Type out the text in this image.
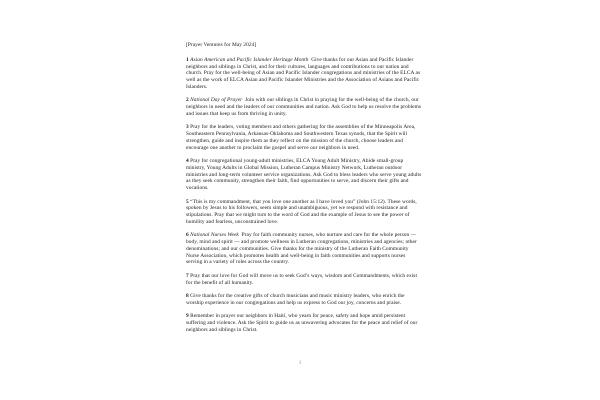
[Prayer Ventures for May 2024]

1 Asian American and Pacific Islander Heritage Month Give thanks for our Asian and Pacific Islander neighbors and siblings in Christ, and for their cultures, languages and contributions to our nation and church. Pray for the well-being of Asian and Pacific Islander congregations and ministries of the ELCA as well as the work of ELCA Asian and Pacific Islander Ministries and the Association of Asians and Pacific Islanders.

2 National Day of Prayer Join with our siblings in Christ in praying for the well-being of the church, our neighbors in need and the leaders of our communities and nation. Ask God to help us resolve the problems and issues that keep us from thriving in unity.

3 Pray for the leaders, voting members and others gathering for the assemblies of the Minneapolis Area, Southeastern Pennsylvania, Arkansas-Oklahoma and Southwestern Texas synods, that the Spirit will strengthen, guide and inspire them as they reflect on the mission of the church, choose leaders and encourage one another to proclaim the gospel and serve our neighbors in need.

4 Pray for congregational young-adult ministries, ELCA Young Adult Ministry, Abide small-group ministry, Young Adults in Global Mission, Lutheran Campus Ministry Network, Lutheran outdoor ministries and long-term volunteer service organizations. Ask God to bless leaders who serve young adults as they seek community, strengthen their faith, find opportunities to serve, and discern their gifts and vocations.

5 “This is my commandment, that you love one another as I have loved you” (John 15:12). These words, spoken by Jesus to his followers, seem simple and unambiguous, yet we respond with resistance and stipulations. Pray that we might turn to the word of God and the example of Jesus to see the power of humility and fearless, unconstrained love.

6 National Nurses Week Pray for faith community nurses, who nurture and care for the whole person — body, mind and spirit — and promote wellness in Lutheran congregations, ministries and agencies; other denominations; and our communities. Give thanks for the ministry of the Lutheran Faith Community Nurse Association, which promotes health and well-being in faith communities and supports nurses serving in a variety of roles across the country.

7 Pray that our love for God will move us to seek God’s ways, wisdom and Commandments, which exist for the benefit of all humanity.

8 Give thanks for the creative gifts of church musicians and music ministry leaders, who enrich the worship experience in our congregations and help us express to God our joy, concerns and praise.

9 Remember in prayer our neighbors in Haiti, who yearn for peace, safety and hope amid persistent suffering and violence. Ask the Spirit to guide us as unwavering advocates for the peace and relief of our neighbors and siblings in Christ.

1
